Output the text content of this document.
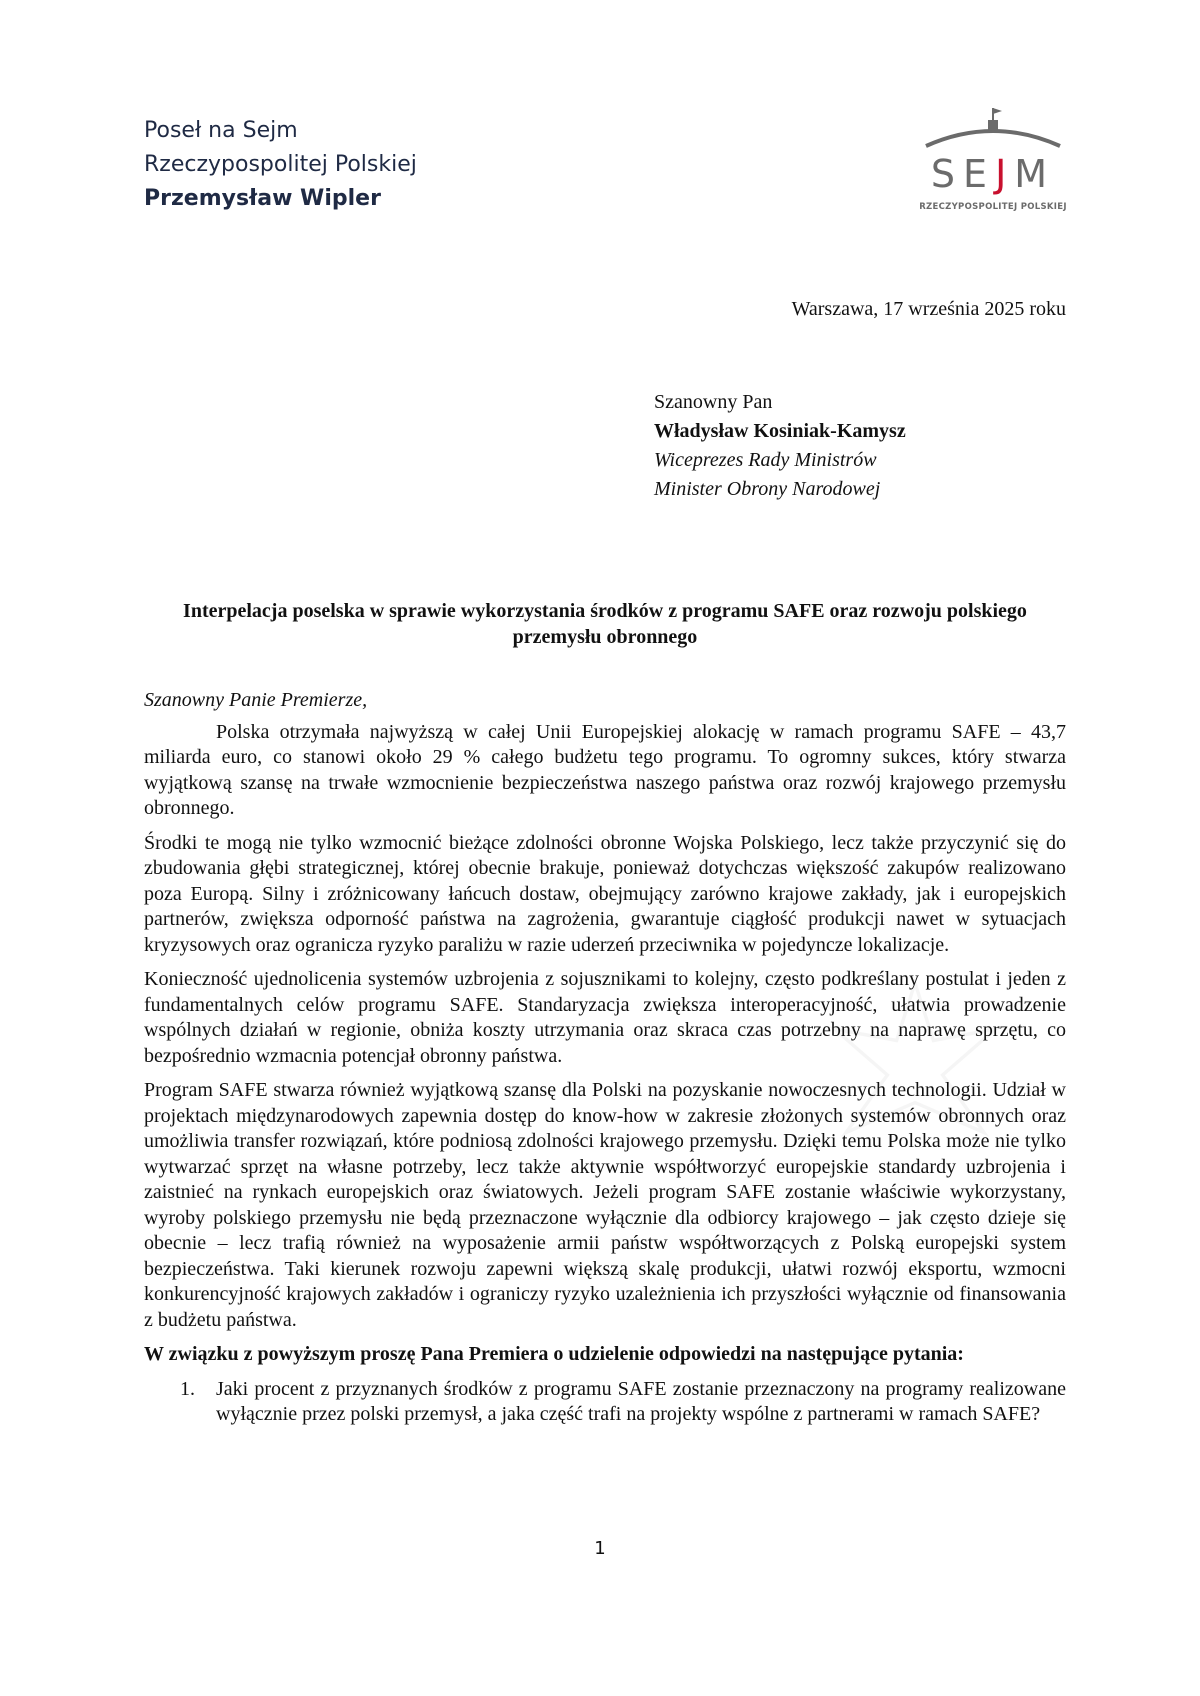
Poseł na Sejm
Rzeczypospolitej Polskiej
Przemysław Wipler
SEJM
RZECZYPOSPOLITEJ POLSKIEJ
Warszawa, 17 września 2025 roku
Szanowny Pan
Władysław Kosiniak-Kamysz
Wiceprezes Rady Ministrów
Minister Obrony Narodowej
Interpelacja poselska w sprawie wykorzystania środków z programu SAFE oraz rozwoju polskiego przemysłu obronnego
Szanowny Panie Premierze,

Polska otrzymała najwyższą w całej Unii Europejskiej alokację w ramach programu SAFE – 43,7 miliarda euro, co stanowi około 29 % całego budżetu tego programu. To ogromny sukces, który stwarza wyjątkową szansę na trwałe wzmocnienie bezpieczeństwa naszego państwa oraz rozwój krajowego przemysłu obronnego.

Środki te mogą nie tylko wzmocnić bieżące zdolności obronne Wojska Polskiego, lecz także przyczynić się do zbudowania głębi strategicznej, której obecnie brakuje, ponieważ dotychczas większość zakupów realizowano poza Europą. Silny i zróżnicowany łańcuch dostaw, obejmujący zarówno krajowe zakłady, jak i europejskich partnerów, zwiększa odporność państwa na zagrożenia, gwarantuje ciągłość produkcji nawet w sytuacjach kryzysowych oraz ogranicza ryzyko paraliżu w razie uderzeń przeciwnika w pojedyncze lokalizacje.

Konieczność ujednolicenia systemów uzbrojenia z sojusznikami to kolejny, często podkreślany postulat i jeden z fundamentalnych celów programu SAFE. Standaryzacja zwiększa interoperacyjność, ułatwia prowadzenie wspólnych działań w regionie, obniża koszty utrzymania oraz skraca czas potrzebny na naprawę sprzętu, co bezpośrednio wzmacnia potencjał obronny państwa.

Program SAFE stwarza również wyjątkową szansę dla Polski na pozyskanie nowoczesnych technologii. Udział w projektach międzynarodowych zapewnia dostęp do know-how w zakresie złożonych systemów obronnych oraz umożliwia transfer rozwiązań, które podniosą zdolności krajowego przemysłu. Dzięki temu Polska może nie tylko wytwarzać sprzęt na własne potrzeby, lecz także aktywnie współtworzyć europejskie standardy uzbrojenia i zaistnieć na rynkach europejskich oraz światowych. Jeżeli program SAFE zostanie właściwie wykorzystany, wyroby polskiego przemysłu nie będą przeznaczone wyłącznie dla odbiorcy krajowego – jak często dzieje się obecnie – lecz trafią również na wyposażenie armii państw współtworzących z Polską europejski system bezpieczeństwa. Taki kierunek rozwoju zapewni większą skalę produkcji, ułatwi rozwój eksportu, wzmocni konkurencyjność krajowych zakładów i ograniczy ryzyko uzależnienia ich przyszłości wyłącznie od finansowania z budżetu państwa.

W związku z powyższym proszę Pana Premiera o udzielenie odpowiedzi na następujące pytania:

1. Jaki procent z przyznanych środków z programu SAFE zostanie przeznaczony na programy realizowane wyłącznie przez polski przemysł, a jaka część trafi na projekty wspólne z partnerami w ramach SAFE?
1
